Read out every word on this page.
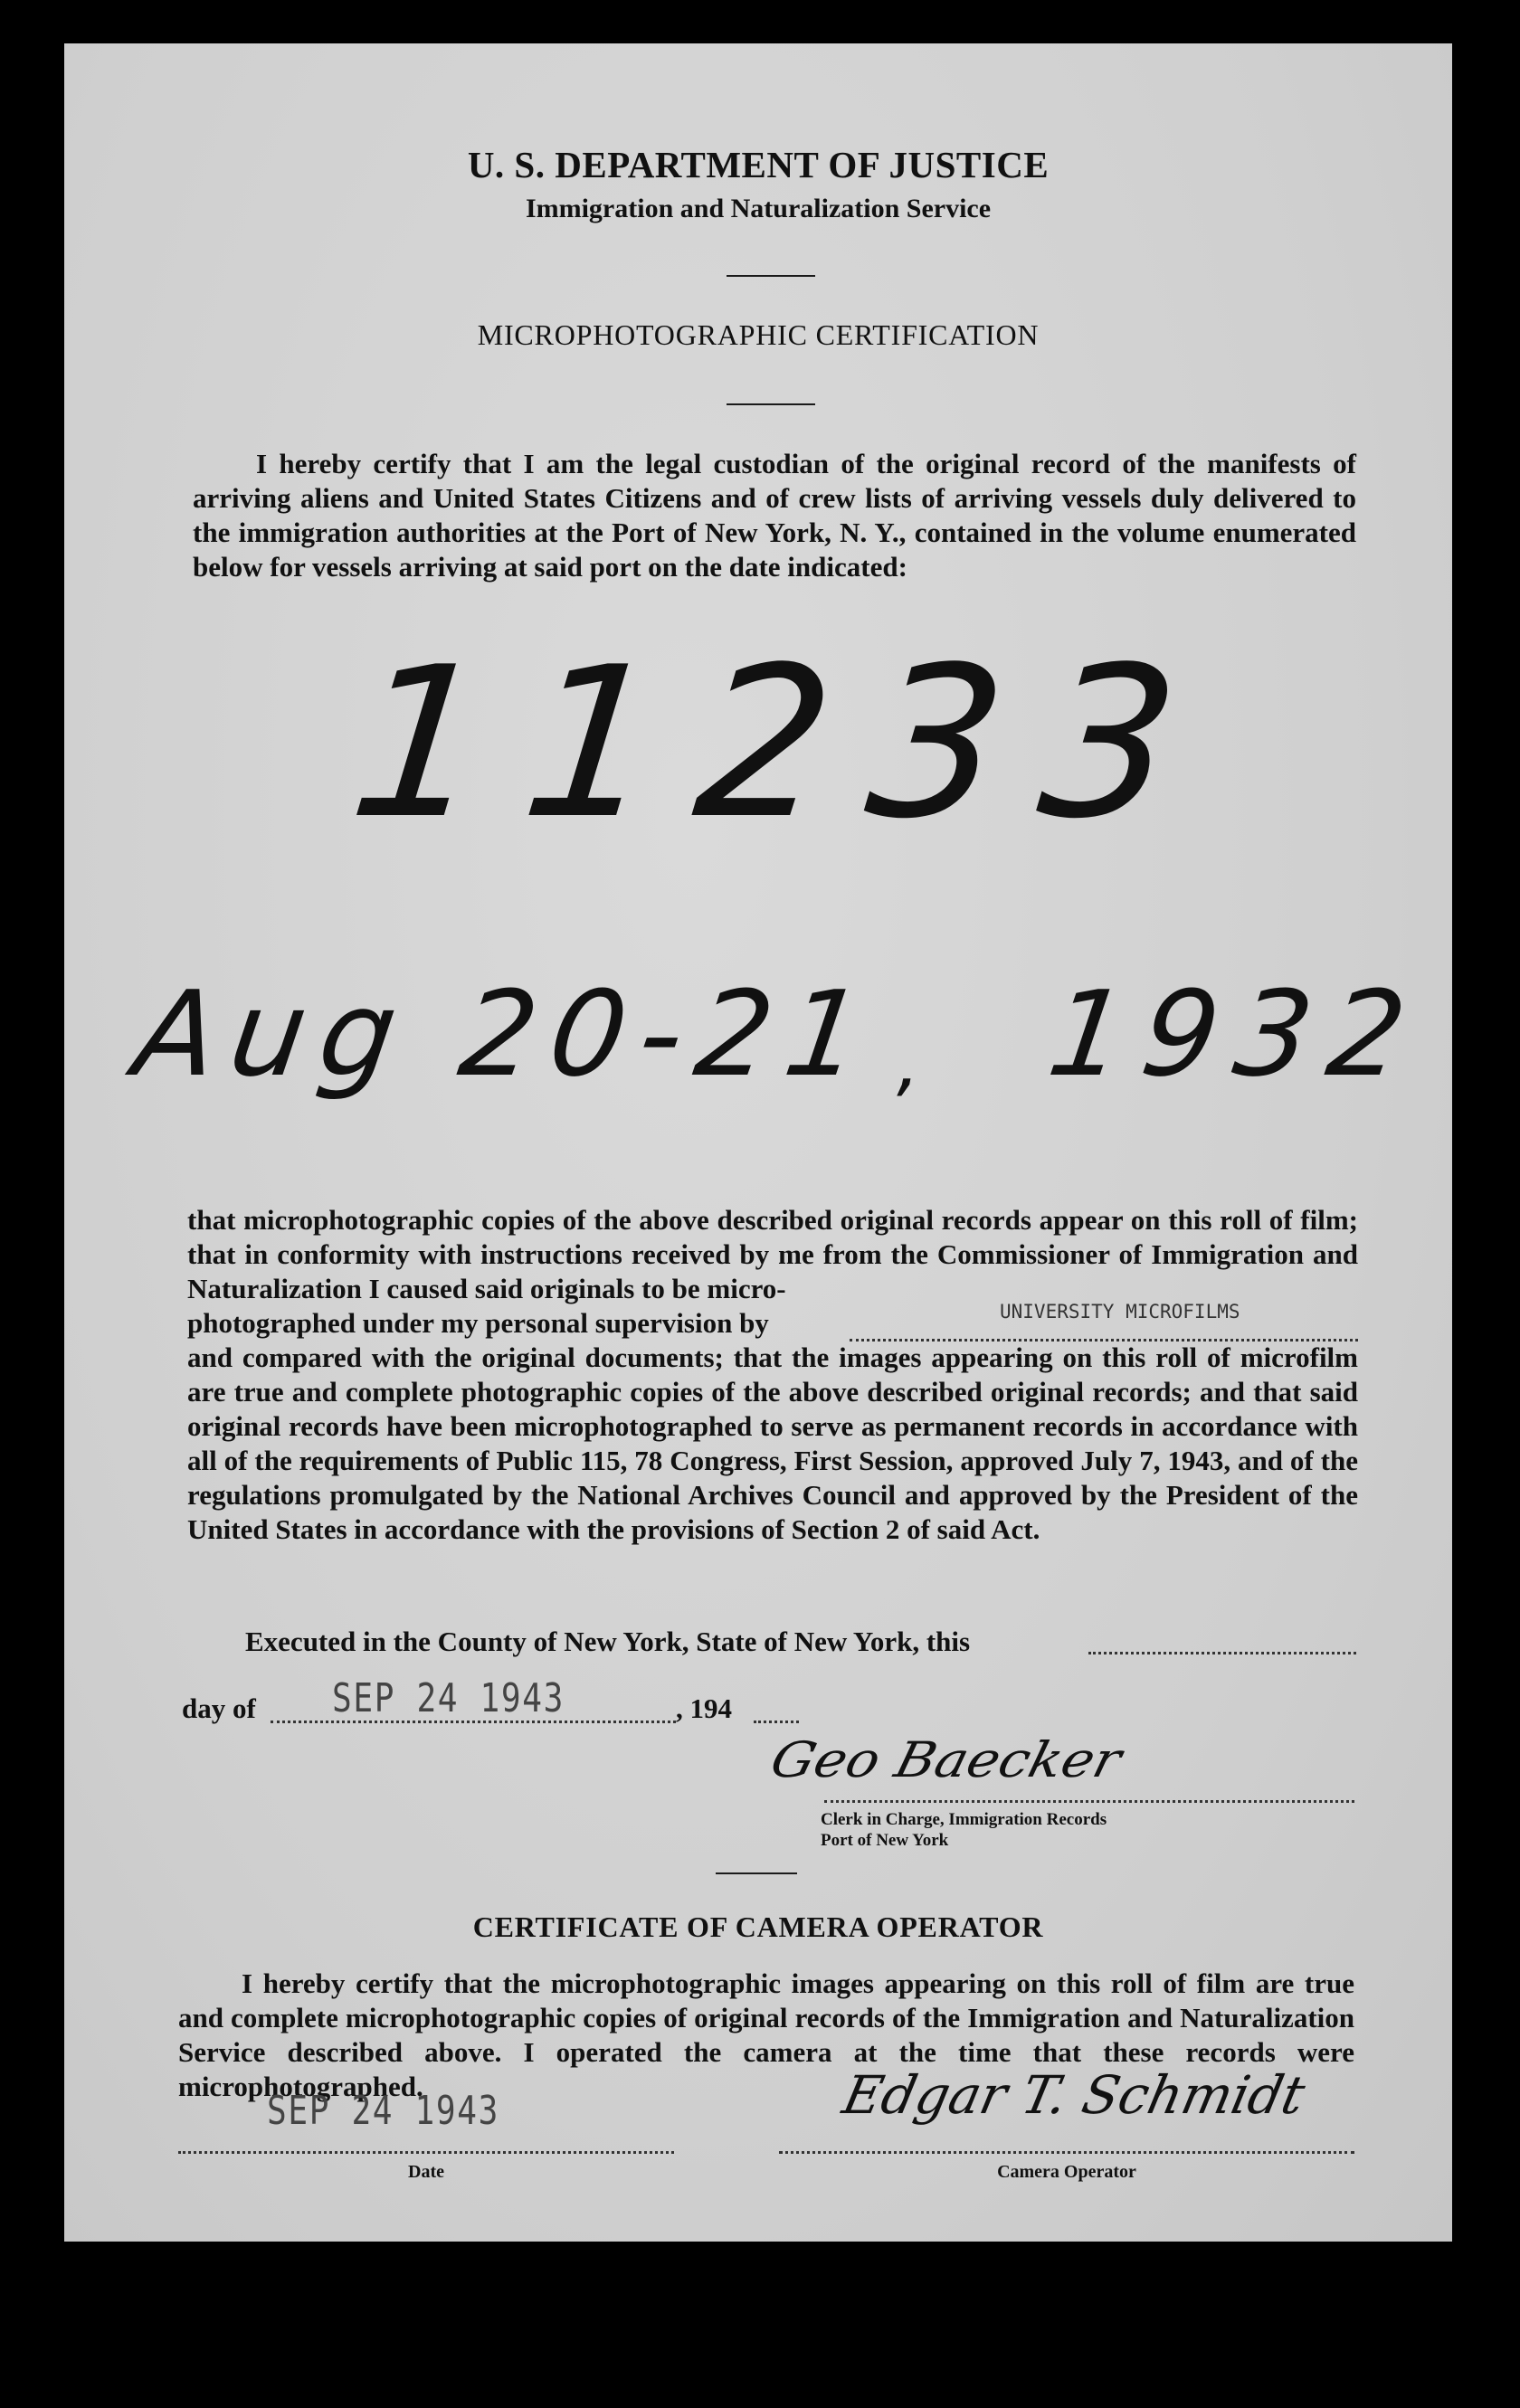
U. S. DEPARTMENT OF JUSTICE
Immigration and Naturalization Service
MICROPHOTOGRAPHIC CERTIFICATION
I hereby certify that I am the legal custodian of the original record of the manifests of arriving aliens and United States Citizens and of crew lists of arriving vessels duly delivered to the immigration authorities at the Port of New York, N. Y., contained in the volume enumerated below for vessels arriving at said port on the date indicated:
11233
Aug 20-21 , 1932
that microphotographic copies of the above described original records appear on this roll of film; that in conformity with instructions received by me from the Commissioner of Immigration and Naturalization I caused said originals to be micro-
photographed under my personal supervision by	UNIVERSITY MICROFILMS
and compared with the original documents; that the images appearing on this roll of microfilm are true and complete photographic copies of the above described original records; and that said original records have been microphotographed to serve as permanent records in accordance with all of the requirements of Public 115, 78 Congress, First Session, approved July 7, 1943, and of the regulations promulgated by the National Archives Council and approved by the President of the United States in accordance with the provisions of Section 2 of said Act.
Executed in the County of New York, State of New York, this
day of	SEP 24 1943	, 194
Geo Baecker
Clerk in Charge, Immigration Records
Port of New York
CERTIFICATE OF CAMERA OPERATOR
I hereby certify that the microphotographic images appearing on this roll of film are true and complete microphotographic copies of original records of the Immigration and Naturalization Service described above. I operated the camera at the time that these records were microphotographed.
SEP 24 1943
Date
Edgar T. Schmidt
Camera Operator
